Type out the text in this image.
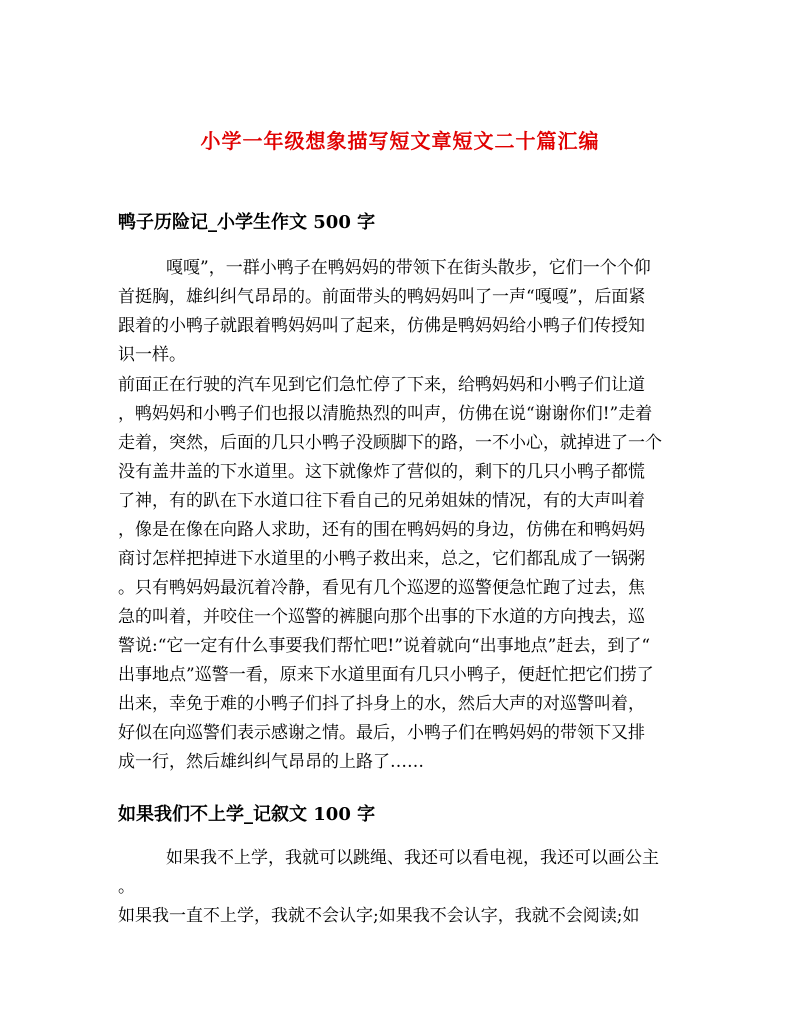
小学一年级想象描写短文章短文二十篇汇编
鸭子历险记_小学生作文 500 字
嘎嘎”，一群小鸭子在鸭妈妈的带领下在街头散步，它们一个个仰
首挺胸，雄纠纠气昂昂的。前面带头的鸭妈妈叫了一声“嘎嘎”，后面紧
跟着的小鸭子就跟着鸭妈妈叫了起来，仿佛是鸭妈妈给小鸭子们传授知
识一样。
前面正在行驶的汽车见到它们急忙停了下来，给鸭妈妈和小鸭子们让道
，鸭妈妈和小鸭子们也报以清脆热烈的叫声，仿佛在说“谢谢你们!”走着
走着，突然，后面的几只小鸭子没顾脚下的路，一不小心，就掉进了一个
没有盖井盖的下水道里。这下就像炸了营似的，剩下的几只小鸭子都慌
了神，有的趴在下水道口往下看自己的兄弟姐妹的情况，有的大声叫着
，像是在像在向路人求助，还有的围在鸭妈妈的身边，仿佛在和鸭妈妈
商讨怎样把掉进下水道里的小鸭子救出来，总之，它们都乱成了一锅粥
。只有鸭妈妈最沉着冷静，看见有几个巡逻的巡警便急忙跑了过去，焦
急的叫着，并咬住一个巡警的裤腿向那个出事的下水道的方向拽去，巡
警说:“它一定有什么事要我们帮忙吧!”说着就向“出事地点”赶去，到了“
出事地点”巡警一看，原来下水道里面有几只小鸭子，便赶忙把它们捞了
出来，幸免于难的小鸭子们抖了抖身上的水，然后大声的对巡警叫着，
好似在向巡警们表示感谢之情。最后，小鸭子们在鸭妈妈的带领下又排
成一行，然后雄纠纠气昂昂的上路了……
如果我们不上学_记叙文 100 字
如果我不上学，我就可以跳绳、我还可以看电视，我还可以画公主
。
如果我一直不上学，我就不会认字;如果我不会认字，我就不会阅读;如
